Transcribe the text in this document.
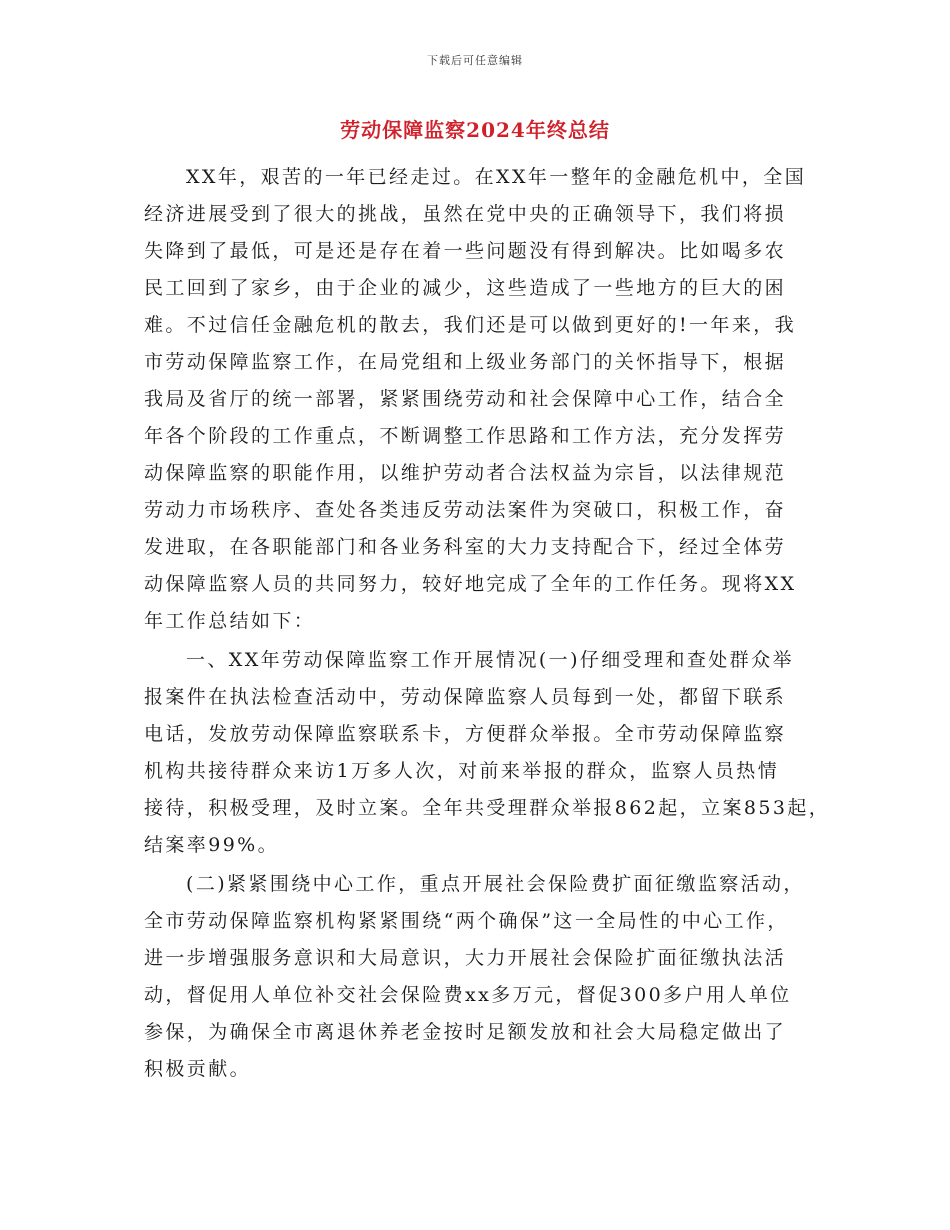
下载后可任意编辑
劳动保障监察2024年终总结
XX年，艰苦的一年已经走过。在XX年一整年的金融危机中，全国
经济进展受到了很大的挑战，虽然在党中央的正确领导下，我们将损
失降到了最低，可是还是存在着一些问题没有得到解决。比如喝多农
民工回到了家乡，由于企业的减少，这些造成了一些地方的巨大的困
难。不过信任金融危机的散去，我们还是可以做到更好的!一年来，我
市劳动保障监察工作，在局党组和上级业务部门的关怀指导下，根据
我局及省厅的统一部署，紧紧围绕劳动和社会保障中心工作，结合全
年各个阶段的工作重点，不断调整工作思路和工作方法，充分发挥劳
动保障监察的职能作用，以维护劳动者合法权益为宗旨，以法律规范
劳动力市场秩序、查处各类违反劳动法案件为突破口，积极工作，奋
发进取，在各职能部门和各业务科室的大力支持配合下，经过全体劳
动保障监察人员的共同努力，较好地完成了全年的工作任务。现将XX
年工作总结如下：
一、XX年劳动保障监察工作开展情况(一)仔细受理和查处群众举
报案件在执法检查活动中，劳动保障监察人员每到一处，都留下联系
电话，发放劳动保障监察联系卡，方便群众举报。全市劳动保障监察
机构共接待群众来访1万多人次，对前来举报的群众，监察人员热情
接待，积极受理，及时立案。全年共受理群众举报862起，立案853起，
结案率99%。
(二)紧紧围绕中心工作，重点开展社会保险费扩面征缴监察活动，
全市劳动保障监察机构紧紧围绕“两个确保”这一全局性的中心工作，
进一步增强服务意识和大局意识，大力开展社会保险扩面征缴执法活
动，督促用人单位补交社会保险费xx多万元，督促300多户用人单位
参保，为确保全市离退休养老金按时足额发放和社会大局稳定做出了
积极贡献。
